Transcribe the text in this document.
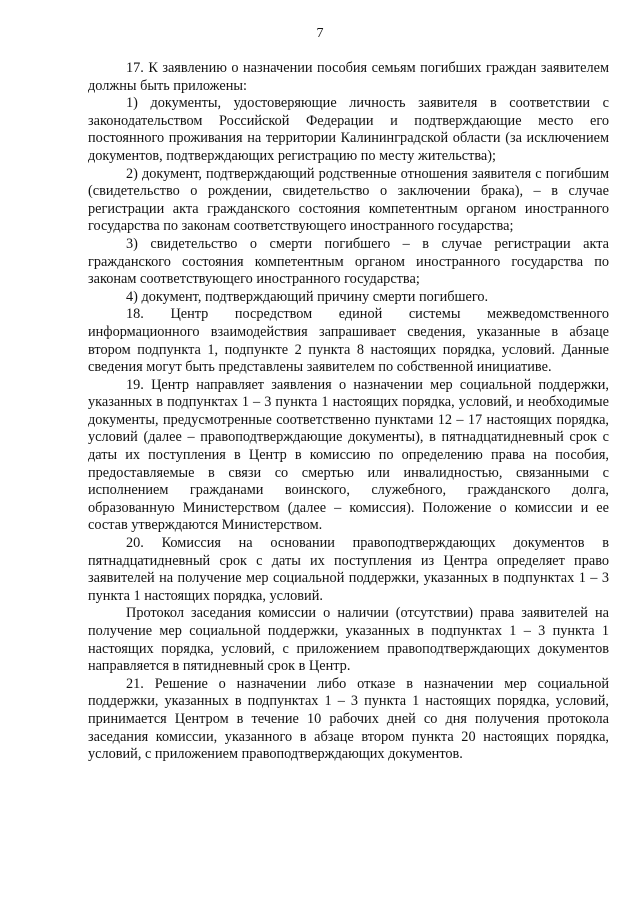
7

17. К заявлению о назначении пособия семьям погибших граждан заявителем должны быть приложены:

1) документы, удостоверяющие личность заявителя в соответствии с законодательством Российской Федерации и подтверждающие место его постоянного проживания на территории Калининградской области (за исключением документов, подтверждающих регистрацию по месту жительства);

2) документ, подтверждающий родственные отношения заявителя с погибшим (свидетельство о рождении, свидетельство о заключении брака), – в случае регистрации акта гражданского состояния компетентным органом иностранного государства по законам соответствующего иностранного государства;

3) свидетельство о смерти погибшего – в случае регистрации акта гражданского состояния компетентным органом иностранного государства по законам соответствующего иностранного государства;

4) документ, подтверждающий причину смерти погибшего.

18. Центр посредством единой системы межведомственного информационного взаимодействия запрашивает сведения, указанные в абзаце втором подпункта 1, подпункте 2 пункта 8 настоящих порядка, условий. Данные сведения могут быть представлены заявителем по собственной инициативе.

19. Центр направляет заявления о назначении мер социальной поддержки, указанных в подпунктах 1 – 3 пункта 1 настоящих порядка, условий, и необходимые документы, предусмотренные соответственно пунктами 12 – 17 настоящих порядка, условий (далее – правоподтверждающие документы), в пятнадцатидневный срок с даты их поступления в Центр в комиссию по определению права на пособия, предоставляемые в связи со смертью или инвалидностью, связанными с исполнением гражданами воинского, служебного, гражданского долга, образованную Министерством (далее – комиссия). Положение о комиссии и ее состав утверждаются Министерством.

20. Комиссия на основании правоподтверждающих документов в пятнадцатидневный срок с даты их поступления из Центра определяет право заявителей на получение мер социальной поддержки, указанных в подпунктах 1 – 3 пункта 1 настоящих порядка, условий.

Протокол заседания комиссии о наличии (отсутствии) права заявителей на получение мер социальной поддержки, указанных в подпунктах 1 – 3 пункта 1 настоящих порядка, условий, с приложением правоподтверждающих документов направляется в пятидневный срок в Центр.

21. Решение о назначении либо отказе в назначении мер социальной поддержки, указанных в подпунктах 1 – 3 пункта 1 настоящих порядка, условий, принимается Центром в течение 10 рабочих дней со дня получения протокола заседания комиссии, указанного в абзаце втором пункта 20 настоящих порядка, условий, с приложением правоподтверждающих документов.
